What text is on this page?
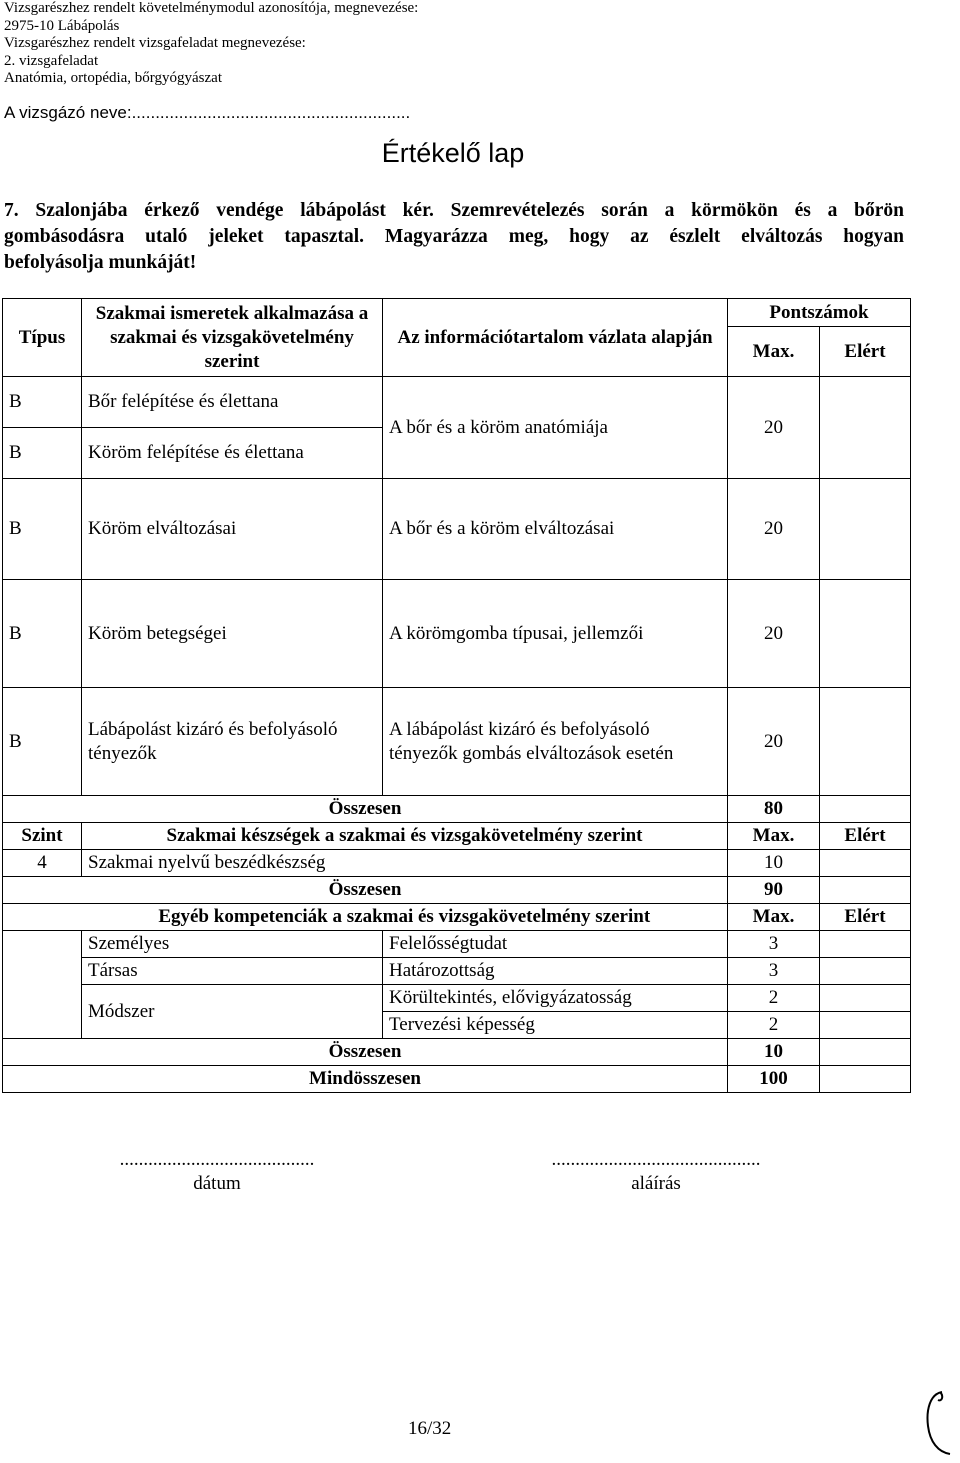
Vizsgarészhez rendelt követelménymodul azonosítója, megnevezése:
2975-10 Lábápolás
Vizsgarészhez rendelt vizsgafeladat megnevezése:
2. vizsgafeladat
Anatómia, ortopédia, bőrgyógyászat
A vizsgázó neve:...........................................................
Értékelő lap
7. Szalonjába érkező vendége lábápolást kér. Szemrevételezés során a körmökön és a bőrön
gombásodásra utaló jeleket tapasztal. Magyarázza meg, hogy az észlelt elváltozás hogyan
befolyásolja munkáját!
Típus	Szakmai ismeretek alkalmazása a szakmai és vizsgakövetelmény szerint	Az információtartalom vázlata alapján	Pontszámok	
			Max.	Elért
B	Bőr felépítése és élettana	A bőr és a köröm anatómiája	20	
B	Köröm felépítése és élettana			
B	Köröm elváltozásai	A bőr és a köröm elváltozásai	20	
B	Köröm betegségei	A körömgomba típusai, jellemzői	20	
B	Lábápolást kizáró és befolyásoló tényezők	A lábápolást kizáró és befolyásoló tényezők gombás elváltozások esetén	20	
Összesen			80	
Szint	Szakmai készségek a szakmai és vizsgakövetelmény szerint		Max.	Elért
4	Szakmai nyelvű beszédkészség		10	
Összesen			90	
	Egyéb kompetenciák a szakmai és vizsgakövetelmény szerint		Max.	Elért
	Személyes	Felelősségtudat	3	
	Társas	Határozottság	3	
	Módszer	Körültekintés, elővigyázatosság	2	
		Tervezési képesség	2	
Összesen			10	
Mindösszesen			100	
.........................................
dátum
............................................
aláírás
16/32
